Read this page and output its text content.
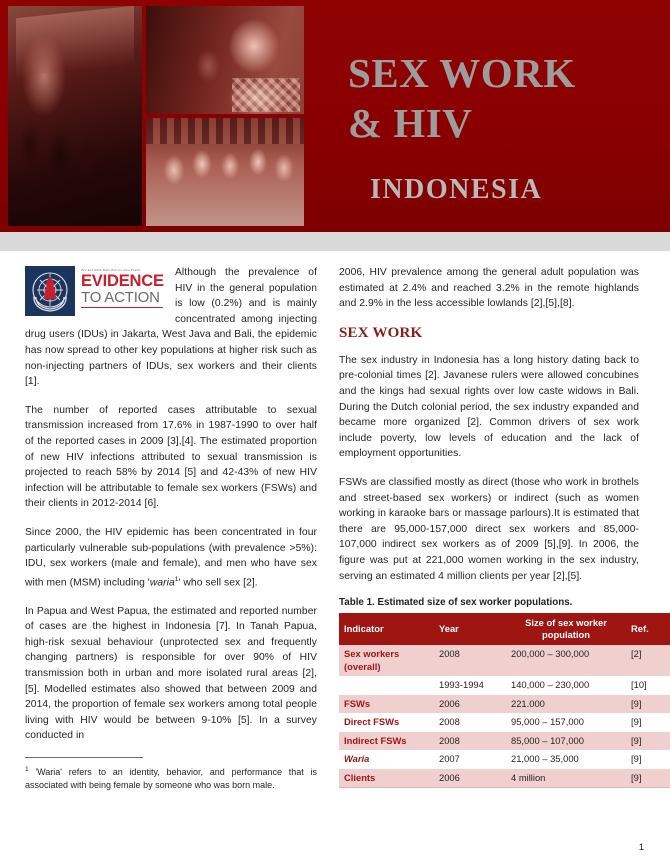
SEX WORK
& HIV
INDONESIA
HIV and AIDS Data Hub for Asia Pacific
EVIDENCE
TO ACTION

Although the prevalence of HIV in the general population is low (0.2%) and is mainly concentrated among injecting drug users (IDUs) in Jakarta, West Java and Bali, the epidemic has now spread to other key populations at higher risk such as non-injecting partners of IDUs, sex workers and their clients [1].

The number of reported cases attributable to sexual transmission increased from 17.6% in 1987-1990 to over half of the reported cases in 2009 [3],[4]. The estimated proportion of new HIV infections attributed to sexual transmission is projected to reach 58% by 2014 [5] and 42-43% of new HIV infection will be attributable to female sex workers (FSWs) and their clients in 2012-2014 [6].

Since 2000, the HIV epidemic has been concentrated in four particularly vulnerable sub-populations (with prevalence >5%): IDU, sex workers (male and female), and men who have sex with men (MSM) including 'waria$^1$' who sell sex [2].

In Papua and West Papua, the estimated and reported number of cases are the highest in Indonesia [7]. In Tanah Papua, high-risk sexual behaviour (unprotected sex and frequently changing partners) is responsible for over 90% of HIV transmission both in urban and more isolated rural areas [2],[5]. Modelled estimates also showed that between 2009 and 2014, the proportion of female sex workers among total people living with HIV would be between 9-10% [5]. In a survey conducted in

$^1$ 'Waria' refers to an identity, behavior, and performance that is associated with being female by someone who was born male.

2006, HIV prevalence among the general adult population was estimated at 2.4% and reached 3.2% in the remote highlands and 2.9% in the less accessible lowlands [2],[5],[8].

SEX WORK

The sex industry in Indonesia has a long history dating back to pre-colonial times [2]. Javanese rulers were allowed concubines and the kings had sexual rights over low caste widows in Bali. During the Dutch colonial period, the sex industry expanded and became more organized [2]. Common drivers of sex work include poverty, low levels of education and the lack of employment opportunities.

FSWs are classified mostly as direct (those who work in brothels and street-based sex workers) or indirect (such as women working in karaoke bars or massage parlours).It is estimated that there are 95,000-157,000 direct sex workers and 85,000-107,000 indirect sex workers as of 2009 [5],[9]. In 2006, the figure was put at 221,000 women working in the sex industry, serving an estimated 4 million clients per year [2],[5].

Table 1. Estimated size of sex worker populations.
Indicator	Year	Size of sex worker population	Ref.
Sex workers (overall)	2008	200,000 – 300,000	[2]
	1993-1994	140,000 – 230,000	[10]
FSWs	2006	221.000	[9]
Direct FSWs	2008	95,000 – 157,000	[9]
Indirect FSWs	2008	85,000 – 107,000	[9]
Waria	2007	21,000 – 35,000	[9]
Clients	2006	4 million	[9]
1
